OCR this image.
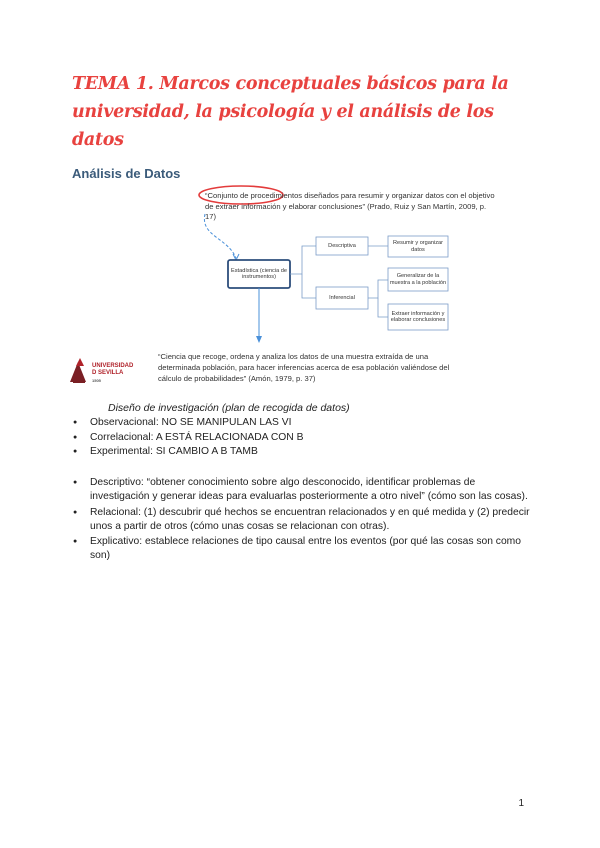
TEMA 1. Marcos conceptuales básicos para la universidad, la psicología y el análisis de los datos
Análisis de Datos
“Conjunto de procedimientos diseñados para resumir y organizar datos con el objetivo de extraer información y elaborar conclusiones” (Prado, Ruiz y San Martín, 2009, p. 17)
Estadística (ciencia de instrumentos)
Descriptiva
Inferencial
Resumir y organizar datos
Generalizar de la muestra a la población
Extraer información y elaborar conclusiones
“Ciencia que recoge, ordena y analiza los datos de una muestra extraída de una determinada población, para hacer inferencias acerca de esa población valiéndose del cálculo de probabilidades” (Amón, 1979, p. 37)
UNIVERSIDAD
D SEVILLA
1505

Diseño de investigación (plan de recogida de datos)

● Observacional: NO SE MANIPULAN LAS VI
● Correlacional: A ESTÁ RELACIONADA CON B
● Experimental: SI CAMBIO A B TAMB
● Descriptivo: “obtener conocimiento sobre algo desconocido, identificar problemas de investigación y generar ideas para evaluarlas posteriormente a otro nivel” (cómo son las cosas).
● Relacional: (1) descubrir qué hechos se encuentran relacionados y en qué medida y (2) predecir unos a partir de otros (cómo unas cosas se relacionan con otras).
● Explicativo: establece relaciones de tipo causal entre los eventos (por qué las cosas son como son)
1
